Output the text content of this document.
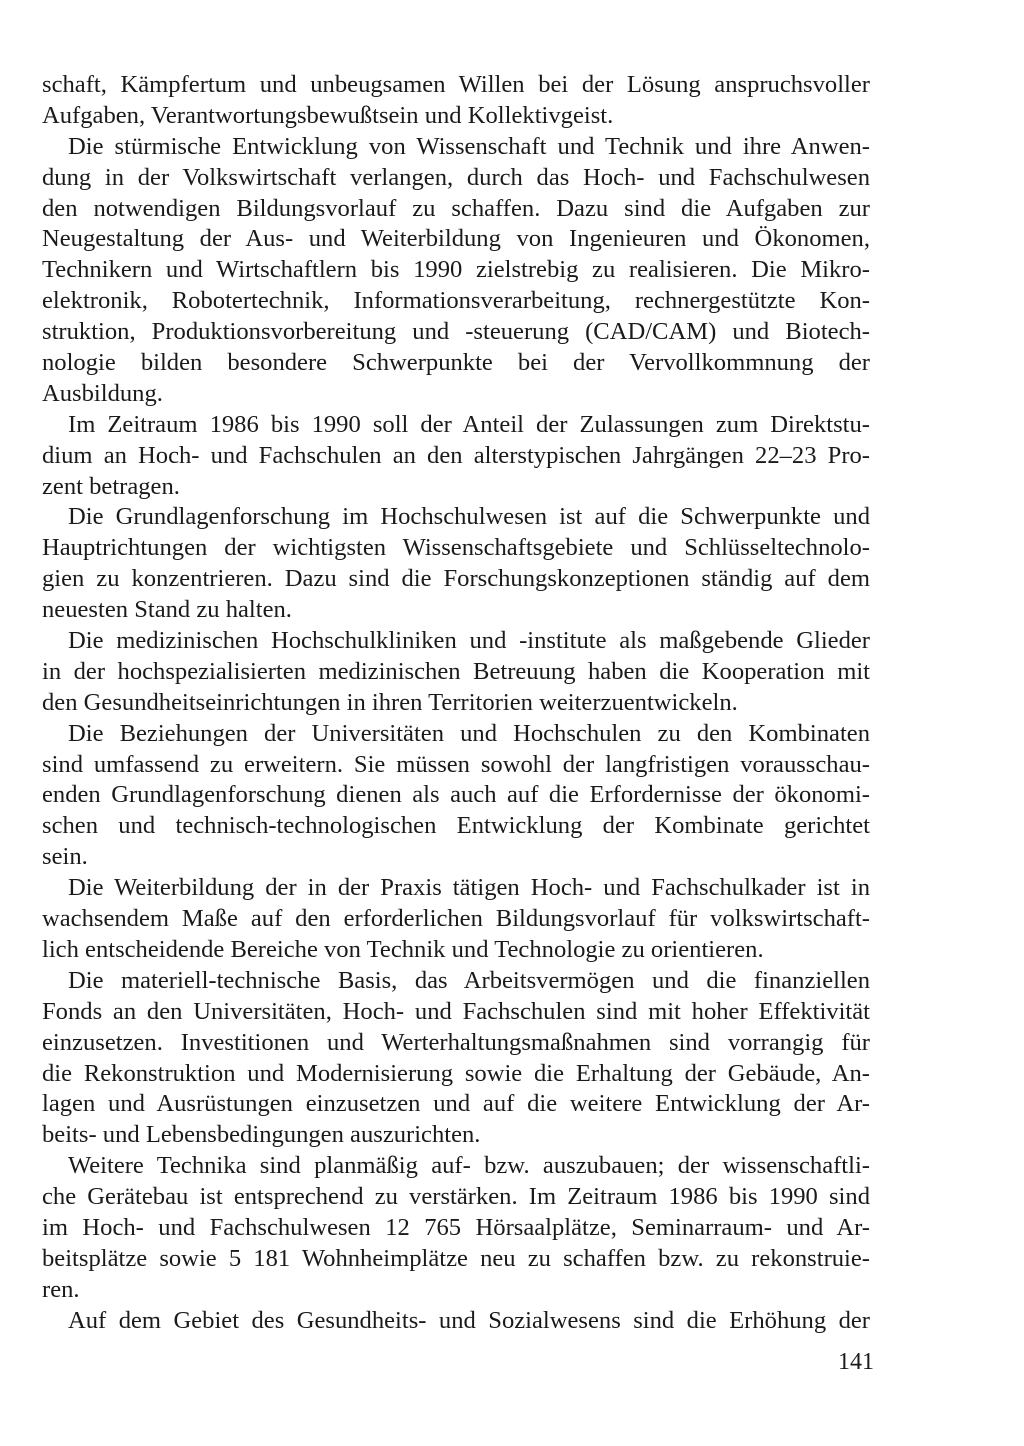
schaft, Kämpfertum und unbeugsamen Willen bei der Lösung anspruchsvoller
Aufgaben, Verantwortungsbewußtsein und Kollektivgeist.
Die stürmische Entwicklung von Wissenschaft und Technik und ihre Anwen-
dung in der Volkswirtschaft verlangen, durch das Hoch- und Fachschulwesen
den notwendigen Bildungsvorlauf zu schaffen. Dazu sind die Aufgaben zur
Neugestaltung der Aus- und Weiterbildung von Ingenieuren und Ökonomen,
Technikern und Wirtschaftlern bis 1990 zielstrebig zu realisieren. Die Mikro-
elektronik, Robotertechnik, Informationsverarbeitung, rechnergestützte Kon-
struktion, Produktionsvorbereitung und -steuerung (CAD/CAM) und Biotech-
nologie bilden besondere Schwerpunkte bei der Vervollkommnung der
Ausbildung.
Im Zeitraum 1986 bis 1990 soll der Anteil der Zulassungen zum Direktstu-
dium an Hoch- und Fachschulen an den alterstypischen Jahrgängen 22–23 Pro-
zent betragen.
Die Grundlagenforschung im Hochschulwesen ist auf die Schwerpunkte und
Hauptrichtungen der wichtigsten Wissenschaftsgebiete und Schlüsseltechnolo-
gien zu konzentrieren. Dazu sind die Forschungskonzeptionen ständig auf dem
neuesten Stand zu halten.
Die medizinischen Hochschulkliniken und -institute als maßgebende Glieder
in der hochspezialisierten medizinischen Betreuung haben die Kooperation mit
den Gesundheitseinrichtungen in ihren Territorien weiterzuentwickeln.
Die Beziehungen der Universitäten und Hochschulen zu den Kombinaten
sind umfassend zu erweitern. Sie müssen sowohl der langfristigen vorausschau-
enden Grundlagenforschung dienen als auch auf die Erfordernisse der ökonomi-
schen und technisch-technologischen Entwicklung der Kombinate gerichtet
sein.
Die Weiterbildung der in der Praxis tätigen Hoch- und Fachschulkader ist in
wachsendem Maße auf den erforderlichen Bildungsvorlauf für volkswirtschaft-
lich entscheidende Bereiche von Technik und Technologie zu orientieren.
Die materiell-technische Basis, das Arbeitsvermögen und die finanziellen
Fonds an den Universitäten, Hoch- und Fachschulen sind mit hoher Effektivität
einzusetzen. Investitionen und Werterhaltungsmaßnahmen sind vorrangig für
die Rekonstruktion und Modernisierung sowie die Erhaltung der Gebäude, An-
lagen und Ausrüstungen einzusetzen und auf die weitere Entwicklung der Ar-
beits- und Lebensbedingungen auszurichten.
Weitere Technika sind planmäßig auf- bzw. auszubauen; der wissenschaftli-
che Gerätebau ist entsprechend zu verstärken. Im Zeitraum 1986 bis 1990 sind
im Hoch- und Fachschulwesen 12 765 Hörsaalplätze, Seminarraum- und Ar-
beitsplätze sowie 5 181 Wohnheimplätze neu zu schaffen bzw. zu rekonstruie-
ren.
Auf dem Gebiet des Gesundheits- und Sozialwesens sind die Erhöhung der
141
